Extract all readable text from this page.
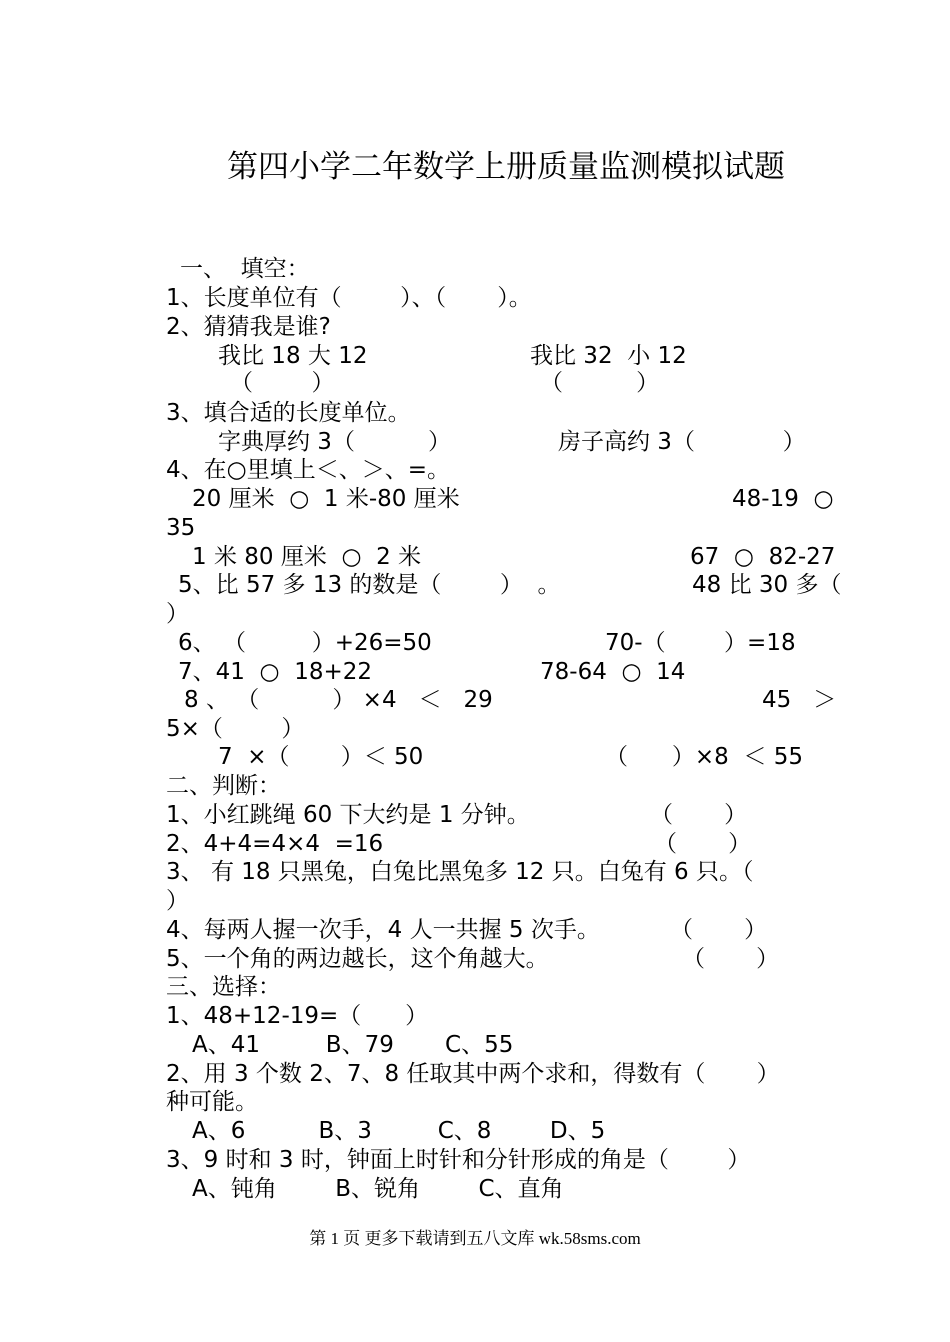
第四小学二年数学上册质量监测模拟试题
一、  填空：
1、长度单位有（        ）、（       ）。
2、猜猜我是谁?
我比 18 大 12	我比 32  小 12
（        ）	（          ）
3、填合适的长度单位。
字典厚约 3（          ）	房子高约 3（            ）
4、在○里填上＜、＞、=。
20 厘米  ○  1 米-80 厘米	48-19  ○
35
1 米 80 厘米  ○  2 米	67  ○  82-27
5、比 57 多 13 的数是（        ）  。	48 比 30 多（
）
6、 （         ）+26=50	70-（        ）=18
7、41  ○  18+22	78-64  ○  14
8 、 （          ） ×4   ＜   29	45   ＞
5×（        ）
7  ×（       ）＜ 50	（      ）×8  ＜ 55
二、判断：
1、小红跳绳 60 下大约是 1 分钟。	（       ）
2、4+4=4×4  =16	（       ）
3、 有 18 只黑兔，白兔比黑兔多 12 只。白兔有 6 只。（
）
4、每两人握一次手，4 人一共握 5 次手。	（       ）
5、一个角的两边越长，这个角越大。	（       ）
三、选择：
1、48+12-19=（      ）
A、41         B、79       C、55
2、用 3 个数 2、7、8 任取其中两个求和，得数有（       ）
种可能。
A、6          B、3         C、8        D、5
3、9 时和 3 时，钟面上时针和分针形成的角是（        ）
A、钝角        B、锐角        C、直角
第 1 页 更多下载请到五八文库 wk.58sms.com
